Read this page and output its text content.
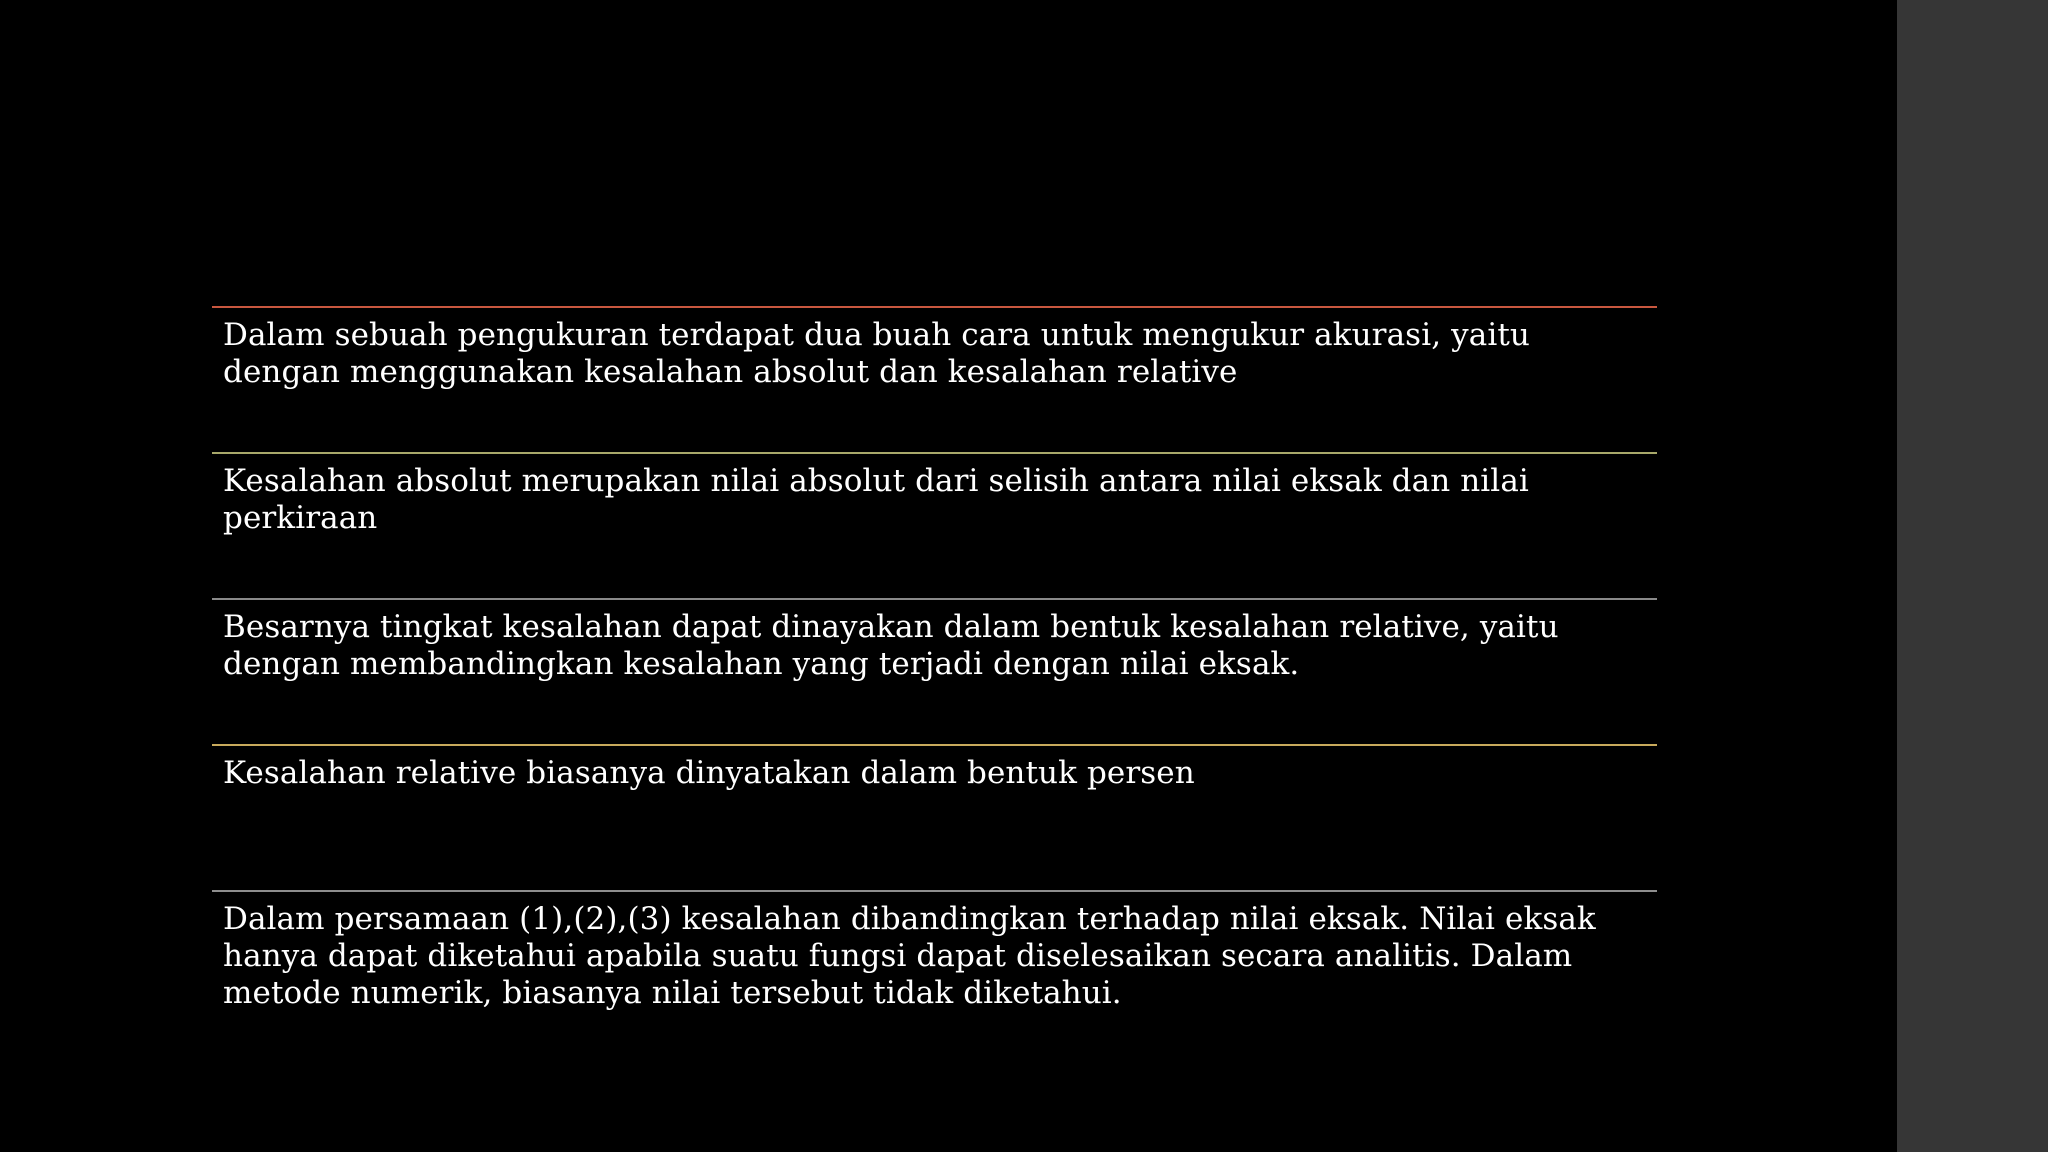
Dalam sebuah pengukuran terdapat dua buah cara untuk mengukur akurasi, yaitu dengan menggunakan kesalahan absolut dan kesalahan relative

Kesalahan absolut merupakan nilai absolut dari selisih antara nilai eksak dan nilai perkiraan

Besarnya tingkat kesalahan dapat dinayakan dalam bentuk kesalahan relative, yaitu dengan membandingkan kesalahan yang terjadi dengan nilai eksak.

Kesalahan relative biasanya dinyatakan dalam bentuk persen

Dalam persamaan (1),(2),(3) kesalahan dibandingkan terhadap nilai eksak. Nilai eksak hanya dapat diketahui apabila suatu fungsi dapat diselesaikan secara analitis. Dalam metode numerik, biasanya nilai tersebut tidak diketahui.
